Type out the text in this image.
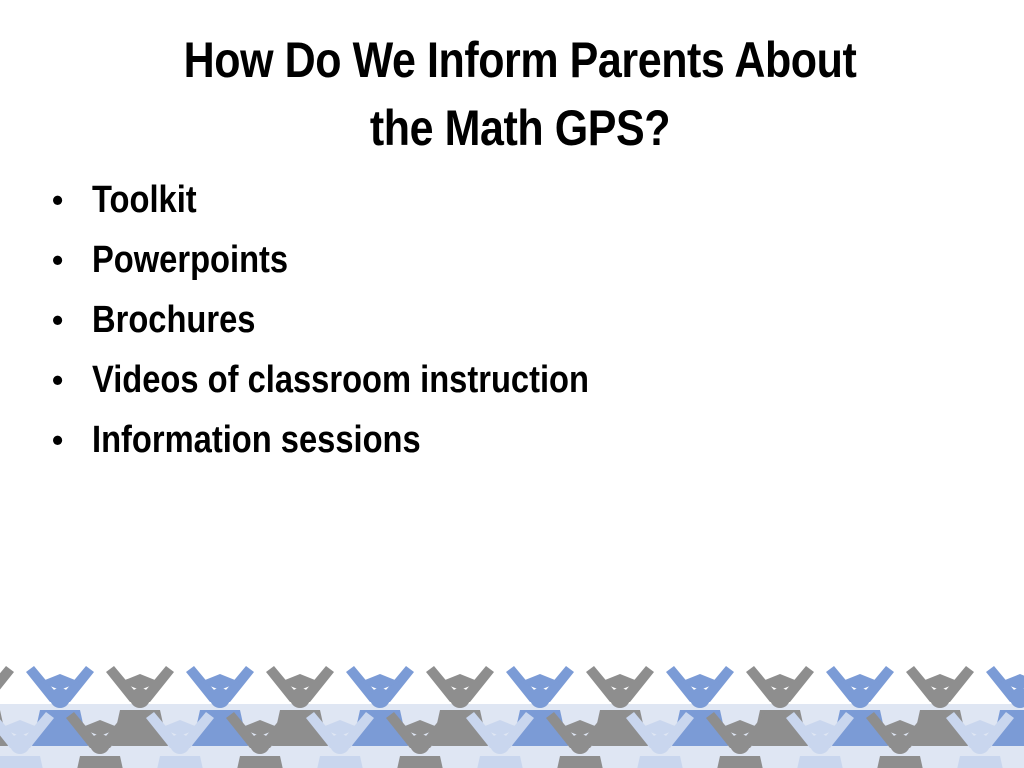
How Do We Inform Parents About
the Math GPS?
• Toolkit
• Powerpoints
• Brochures
• Videos of classroom instruction
• Information sessions
